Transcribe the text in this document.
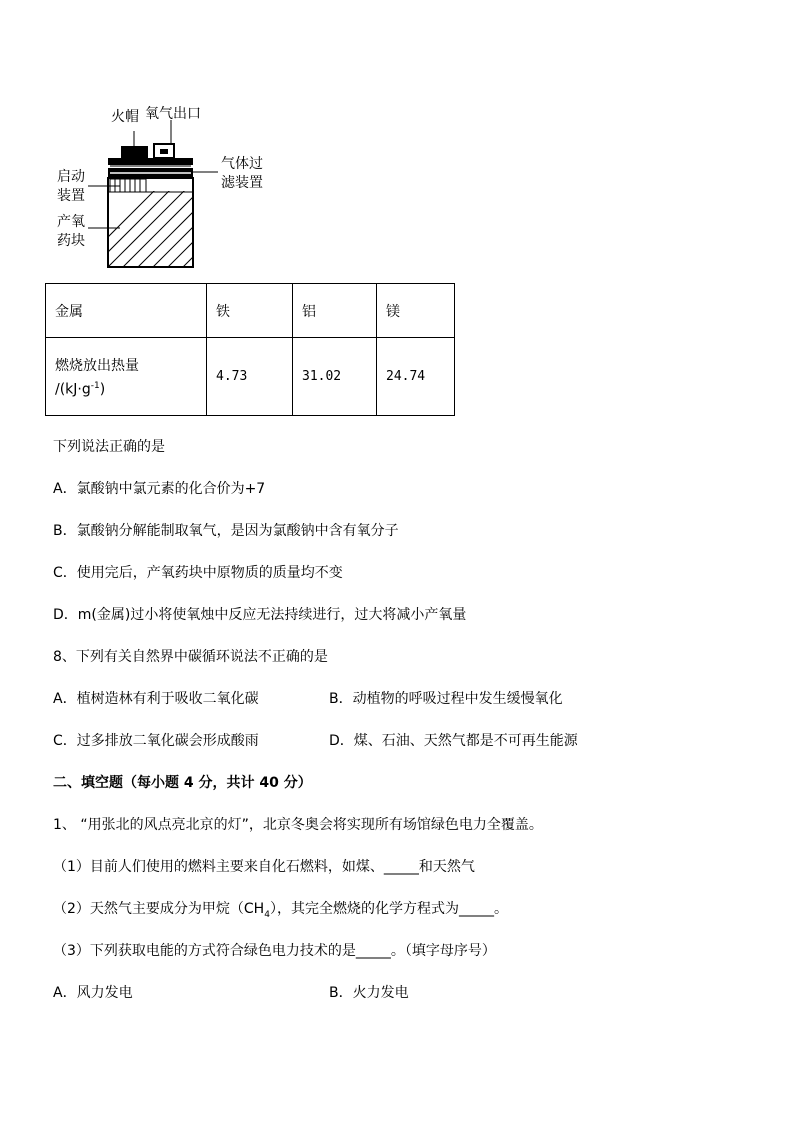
火帽 氧气出口
气体过
滤装置
启动
装置
产氧
药块
金属	铁	铝	镁

燃烧放出热量
$/(kJ\cdot g^{-1})$	4.73	31.02	24.74
下列说法正确的是
A．氯酸钠中氯元素的化合价为+7
B．氯酸钠分解能制取氧气，是因为氯酸钠中含有氧分子
C．使用完后，产氧药块中原物质的质量均不变
D．m(金属)过小将使氧烛中反应无法持续进行，过大将减小产氧量
8、下列有关自然界中碳循环说法不正确的是
A．植树造林有利于吸收二氧化碳	B．动植物的呼吸过程中发生缓慢氧化
C．过多排放二氧化碳会形成酸雨	D．煤、石油、天然气都是不可再生能源
二、填空题（每小题 4 分，共计 40 分）
1、 “用张北的风点亮北京的灯”，北京冬奥会将实现所有场馆绿色电力全覆盖。
（1）目前人们使用的燃料主要来自化石燃料，如煤、_____和天然气
（2）天然气主要成分为甲烷$(CH_4)$，其完全燃烧的化学方程式为_____。
（3）下列获取电能的方式符合绿色电力技术的是_____。（填字母序号）
A．风力发电	B．火力发电
